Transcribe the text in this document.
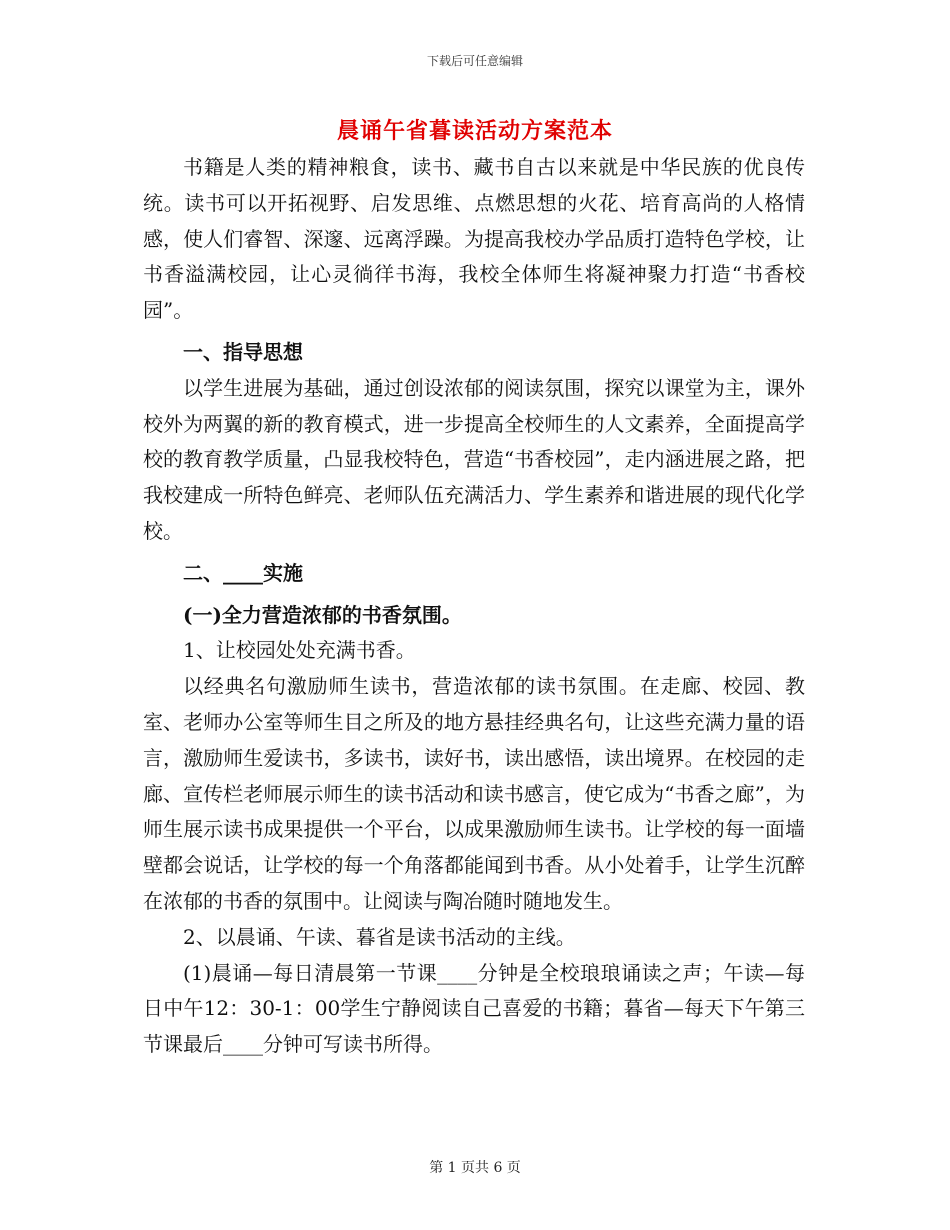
下载后可任意编辑
晨诵午省暮读活动方案范本

书籍是人类的精神粮食，读书、藏书自古以来就是中华民族的优良传统。读书可以开拓视野、启发思维、点燃思想的火花、培育高尚的人格情感，使人们睿智、深邃、远离浮躁。为提高我校办学品质打造特色学校，让书香溢满校园，让心灵徜徉书海，我校全体师生将凝神聚力打造“书香校园”。

一、指导思想

以学生进展为基础，通过创设浓郁的阅读氛围，探究以课堂为主，课外校外为两翼的新的教育模式，进一步提高全校师生的人文素养，全面提高学校的教育教学质量，凸显我校特色，营造“书香校园”，走内涵进展之路，把我校建成一所特色鲜亮、老师队伍充满活力、学生素养和谐进展的现代化学校。

二、____实施

(一)全力营造浓郁的书香氛围。

1、让校园处处充满书香。

以经典名句激励师生读书，营造浓郁的读书氛围。在走廊、校园、教室、老师办公室等师生目之所及的地方悬挂经典名句，让这些充满力量的语言，激励师生爱读书，多读书，读好书，读出感悟，读出境界。在校园的走廊、宣传栏老师展示师生的读书活动和读书感言，使它成为“书香之廊”，为师生展示读书成果提供一个平台，以成果激励师生读书。让学校的每一面墙壁都会说话，让学校的每一个角落都能闻到书香。从小处着手，让学生沉醉在浓郁的书香的氛围中。让阅读与陶冶随时随地发生。

2、以晨诵、午读、暮省是读书活动的主线。

(1)晨诵—每日清晨第一节课____分钟是全校琅琅诵读之声；午读—每日中午12：30-1：00学生宁静阅读自己喜爱的书籍；暮省—每天下午第三节课最后____分钟可写读书所得。

第 1 页共 6 页
